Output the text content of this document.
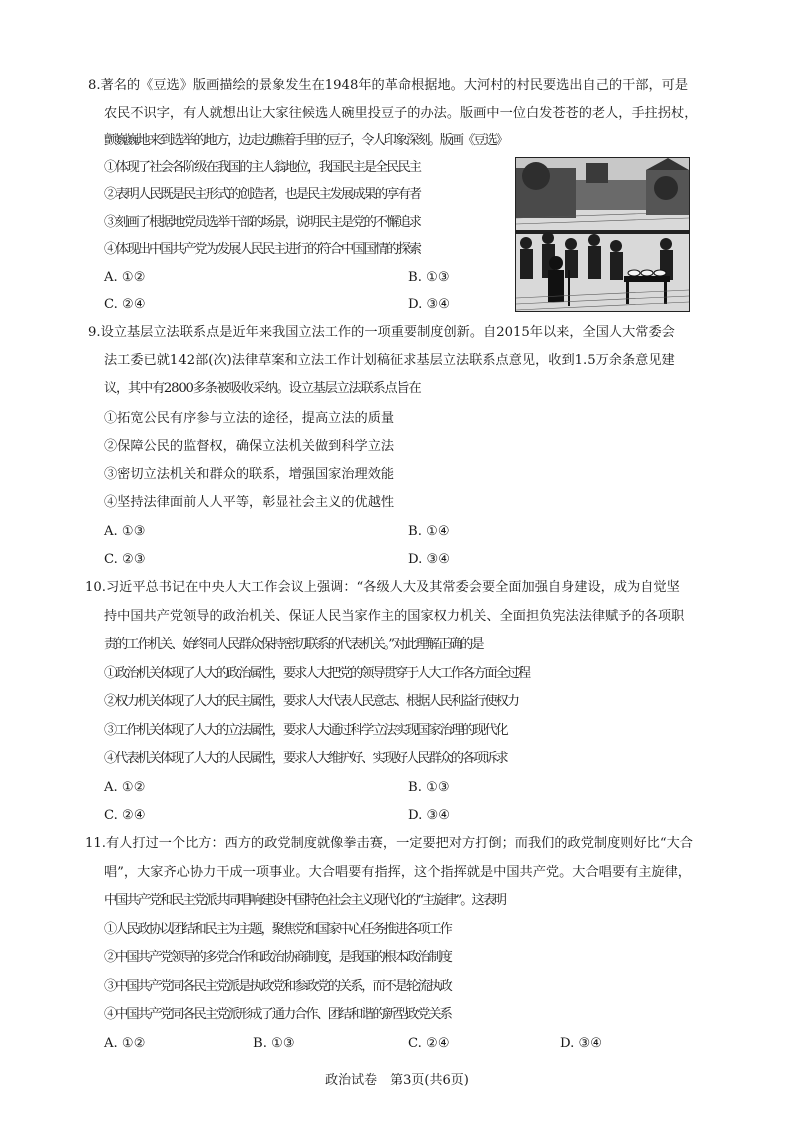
8.著名的《豆选》版画描绘的景象发生在1948年的革命根据地。大河村的村民要选出自己的干部，可是
农民不识字，有人就想出让大家往候选人碗里投豆子的办法。版画中一位白发苍苍的老人，手拄拐杖，
颤巍巍地来到选举的地方，边走边瞧着手里的豆子，令人印象深刻。版画《豆选》
①体现了社会各阶级在我国的主人翁地位，我国民主是全民民主
②表明人民既是民主形式的创造者，也是民主发展成果的享有者
③刻画了根据地党员选举干部的场景，说明民主是党的不懈追求
④体现出中国共产党为发展人民民主进行的符合中国国情的探索
A. ①②	B. ①③
C. ②④	D. ③④
9.设立基层立法联系点是近年来我国立法工作的一项重要制度创新。自2015年以来，全国人大常委会
法工委已就142部(次)法律草案和立法工作计划稿征求基层立法联系点意见，收到1.5万余条意见建
议，其中有2800多条被吸收采纳。设立基层立法联系点旨在
①拓宽公民有序参与立法的途径，提高立法的质量
②保障公民的监督权，确保立法机关做到科学立法
③密切立法机关和群众的联系，增强国家治理效能
④坚持法律面前人人平等，彰显社会主义的优越性
A. ①③	B. ①④
C. ②③	D. ③④
10.习近平总书记在中央人大工作会议上强调：“各级人大及其常委会要全面加强自身建设，成为自觉坚
持中国共产党领导的政治机关、保证人民当家作主的国家权力机关、全面担负宪法法律赋予的各项职
责的工作机关、始终同人民群众保持密切联系的代表机关。”对此理解正确的是
①政治机关体现了人大的政治属性，要求人大把党的领导贯穿于人大工作各方面全过程
②权力机关体现了人大的民主属性，要求人大代表人民意志、根据人民利益行使权力
③工作机关体现了人大的立法属性，要求人大通过科学立法实现国家治理的现代化
④代表机关体现了人大的人民属性，要求人大维护好、实现好人民群众的各项诉求
A. ①②	B. ①③
C. ②④	D. ③④
11.有人打过一个比方：西方的政党制度就像拳击赛，一定要把对方打倒；而我们的政党制度则好比“大合
唱”，大家齐心协力干成一项事业。大合唱要有指挥，这个指挥就是中国共产党。大合唱要有主旋律，
中国共产党和民主党派共同唱响建设中国特色社会主义现代化的“主旋律”。这表明
①人民政协以团结和民主为主题，聚焦党和国家中心任务推进各项工作
②中国共产党领导的多党合作和政治协商制度，是我国的根本政治制度
③中国共产党同各民主党派是执政党和参政党的关系，而不是轮流执政
④中国共产党同各民主党派形成了通力合作、团结和谐的新型政党关系
A. ①②	B. ①③	C. ②④	D. ③④
政治试卷　第3页(共6页)
